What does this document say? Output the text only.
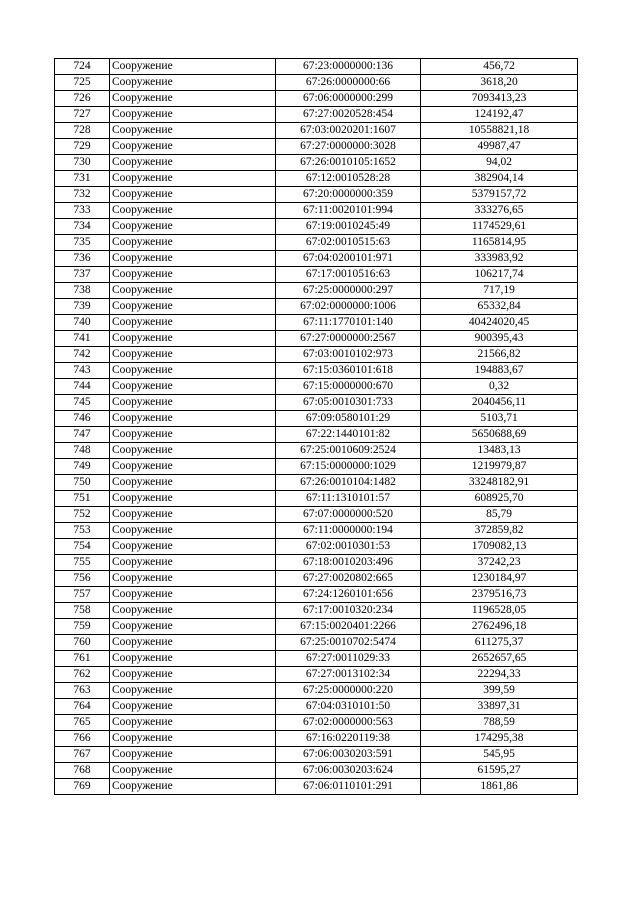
724	Сооружение	67:23:0000000:136	456,72
725	Сооружение	67:26:0000000:66	3618,20
726	Сооружение	67:06:0000000:299	7093413,23
727	Сооружение	67:27:0020528:454	124192,47
728	Сооружение	67:03:0020201:1607	10558821,18
729	Сооружение	67:27:0000000:3028	49987,47
730	Сооружение	67:26:0010105:1652	94,02
731	Сооружение	67:12:0010528:28	382904,14
732	Сооружение	67:20:0000000:359	5379157,72
733	Сооружение	67:11:0020101:994	333276,65
734	Сооружение	67:19:0010245:49	1174529,61
735	Сооружение	67:02:0010515:63	1165814,95
736	Сооружение	67:04:0200101:971	333983,92
737	Сооружение	67:17:0010516:63	106217,74
738	Сооружение	67:25:0000000:297	717,19
739	Сооружение	67:02:0000000:1006	65332,84
740	Сооружение	67:11:1770101:140	40424020,45
741	Сооружение	67:27:0000000:2567	900395,43
742	Сооружение	67:03:0010102:973	21566,82
743	Сооружение	67:15:0360101:618	194883,67
744	Сооружение	67:15:0000000:670	0,32
745	Сооружение	67:05:0010301:733	2040456,11
746	Сооружение	67:09:0580101:29	5103,71
747	Сооружение	67:22:1440101:82	5650688,69
748	Сооружение	67:25:0010609:2524	13483,13
749	Сооружение	67:15:0000000:1029	1219979,87
750	Сооружение	67:26:0010104:1482	33248182,91
751	Сооружение	67:11:1310101:57	608925,70
752	Сооружение	67:07:0000000:520	85,79
753	Сооружение	67:11:0000000:194	372859,82
754	Сооружение	67:02:0010301:53	1709082,13
755	Сооружение	67:18:0010203:496	37242,23
756	Сооружение	67:27:0020802:665	1230184,97
757	Сооружение	67:24:1260101:656	2379516,73
758	Сооружение	67:17:0010320:234	1196528,05
759	Сооружение	67:15:0020401:2266	2762496,18
760	Сооружение	67:25:0010702:5474	611275,37
761	Сооружение	67:27:0011029:33	2652657,65
762	Сооружение	67:27:0013102:34	22294,33
763	Сооружение	67:25:0000000:220	399,59
764	Сооружение	67:04:0310101:50	33897,31
765	Сооружение	67:02:0000000:563	788,59
766	Сооружение	67:16:0220119:38	174295,38
767	Сооружение	67:06:0030203:591	545,95
768	Сооружение	67:06:0030203:624	61595,27
769	Сооружение	67:06:0110101:291	1861,86
